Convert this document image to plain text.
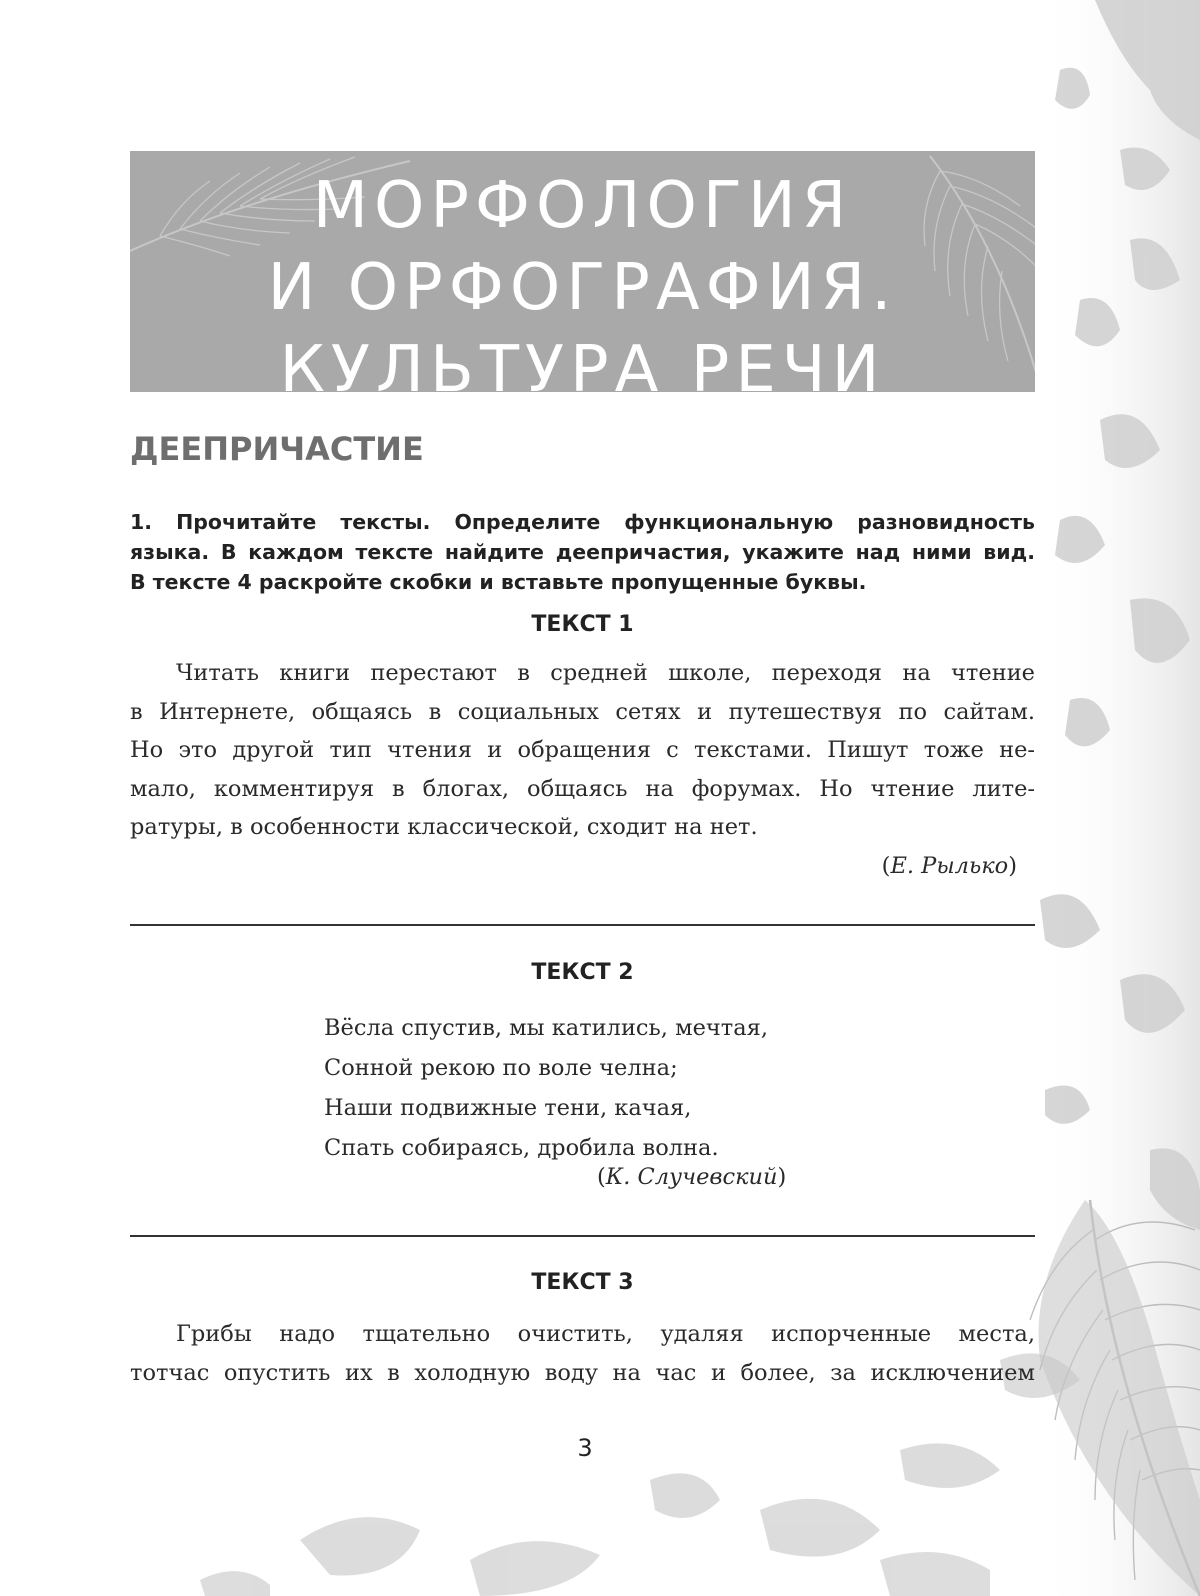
МОРФОЛОГИЯ
И ОРФОГРАФИЯ.
КУЛЬТУРА РЕЧИ
ДЕЕПРИЧАСТИЕ
1. Прочитайте тексты. Определите функциональную разновидность
языка. В каждом тексте найдите деепричастия, укажите над ними вид.
В тексте 4 раскройте скобки и вставьте пропущенные буквы.
ТЕКСТ 1
Читать книги перестают в средней школе, переходя на чтение
в Интернете, общаясь в социальных сетях и путешествуя по сайтам.
Но это другой тип чтения и обращения с текстами. Пишут тоже не-
мало, комментируя в блогах, общаясь на форумах. Но чтение лите-
ратуры, в особенности классической, сходит на нет.
(Е. Рылько)
ТЕКСТ 2
Вёсла спустив, мы катились, мечтая,
Сонной рекою по воле челна;
Наши подвижные тени, качая,
Спать собираясь, дробила волна.
(К. Случевский)
ТЕКСТ 3
Грибы надо тщательно очистить, удаляя испорченные места,
тотчас опустить их в холодную воду на час и более, за исключением
3
